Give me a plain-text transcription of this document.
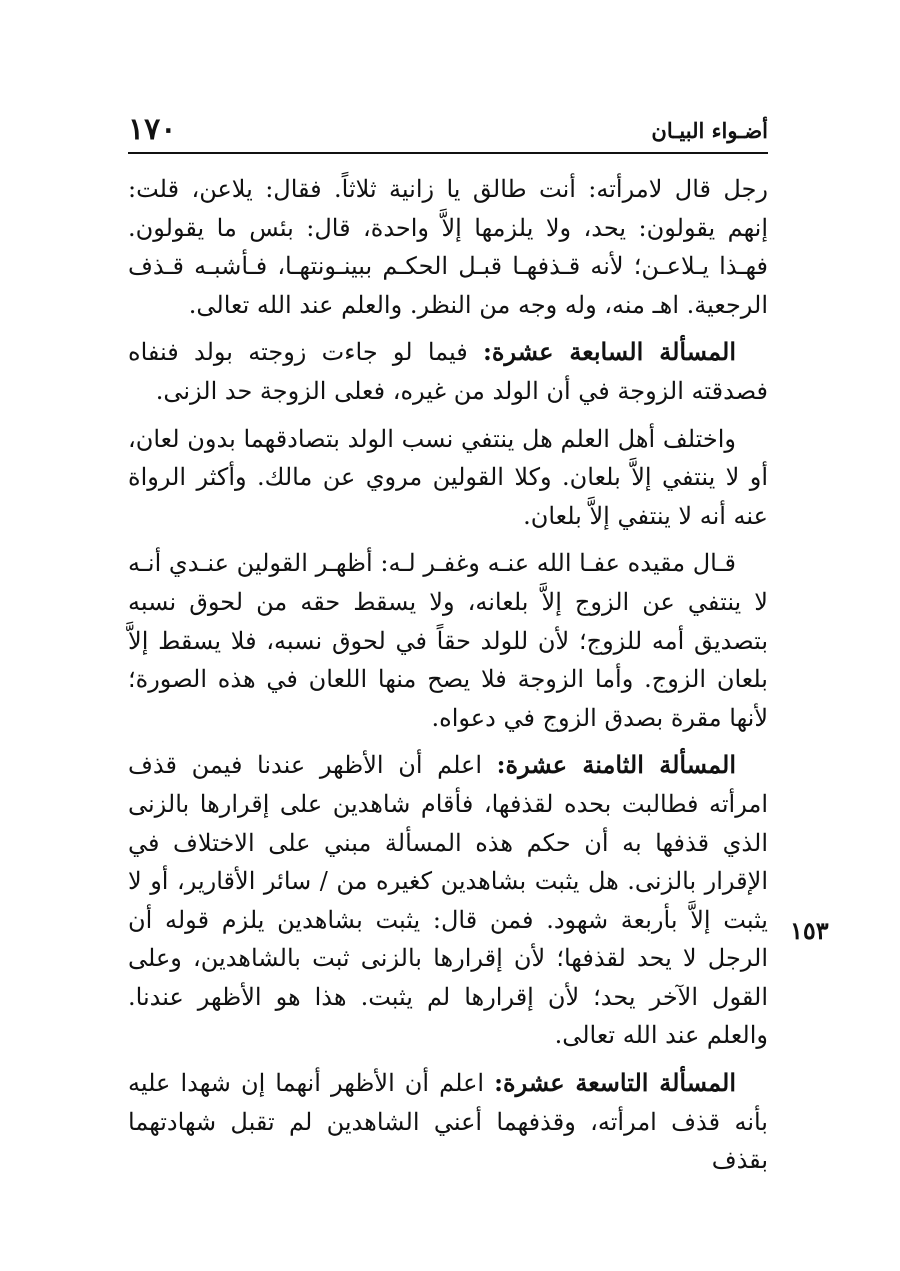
أضـواء البيـان
١٧٠
١٥٣

رجل قال لامرأته: أنت طالق يا زانية ثلاثاً. فقال: يلاعن، قلت: إنهم يقولون: يحد، ولا يلزمها إلاَّ واحدة، قال: بئس ما يقولون. فهـذا يـلاعـن؛ لأنه قـذفهـا قبـل الحكـم ببينـونتهـا، فـأشبـه قـذف الرجعية. اهـ منه، وله وجه من النظر. والعلم عند الله تعالى.

المسألة السابعة عشرة: فيما لو جاءت زوجته بولد فنفاه فصدقته الزوجة في أن الولد من غيره، فعلى الزوجة حد الزنى.

واختلف أهل العلم هل ينتفي نسب الولد بتصادقهما بدون لعان، أو لا ينتفي إلاَّ بلعان. وكلا القولين مروي عن مالك. وأكثر الرواة عنه أنه لا ينتفي إلاَّ بلعان.

قـال مقيده عفـا الله عنـه وغفـر لـه: أظهـر القولين عنـدي أنـه لا ينتفي عن الزوج إلاَّ بلعانه، ولا يسقط حقه من لحوق نسبه بتصديق أمه للزوج؛ لأن للولد حقاً في لحوق نسبه، فلا يسقط إلاَّ بلعان الزوج. وأما الزوجة فلا يصح منها اللعان في هذه الصورة؛ لأنها مقرة بصدق الزوج في دعواه.

المسألة الثامنة عشرة: اعلم أن الأظهر عندنا فيمن قذف امرأته فطالبت بحده لقذفها، فأقام شاهدين على إقرارها بالزنى الذي قذفها به أن حكم هذه المسألة مبني على الاختلاف في الإقرار بالزنى. هل يثبت بشاهدين كغيره من / سائر الأقارير، أو لا يثبت إلاَّ بأربعة شهود. فمن قال: يثبت بشاهدين يلزم قوله أن الرجل لا يحد لقذفها؛ لأن إقرارها بالزنى ثبت بالشاهدين، وعلى القول الآخر يحد؛ لأن إقرارها لم يثبت. هذا هو الأظهر عندنا. والعلم عند الله تعالى.

المسألة التاسعة عشرة: اعلم أن الأظهر أنهما إن شهدا عليه بأنه قذف امرأته، وقذفهما أعني الشاهدين لم تقبل شهادتهما بقذف
